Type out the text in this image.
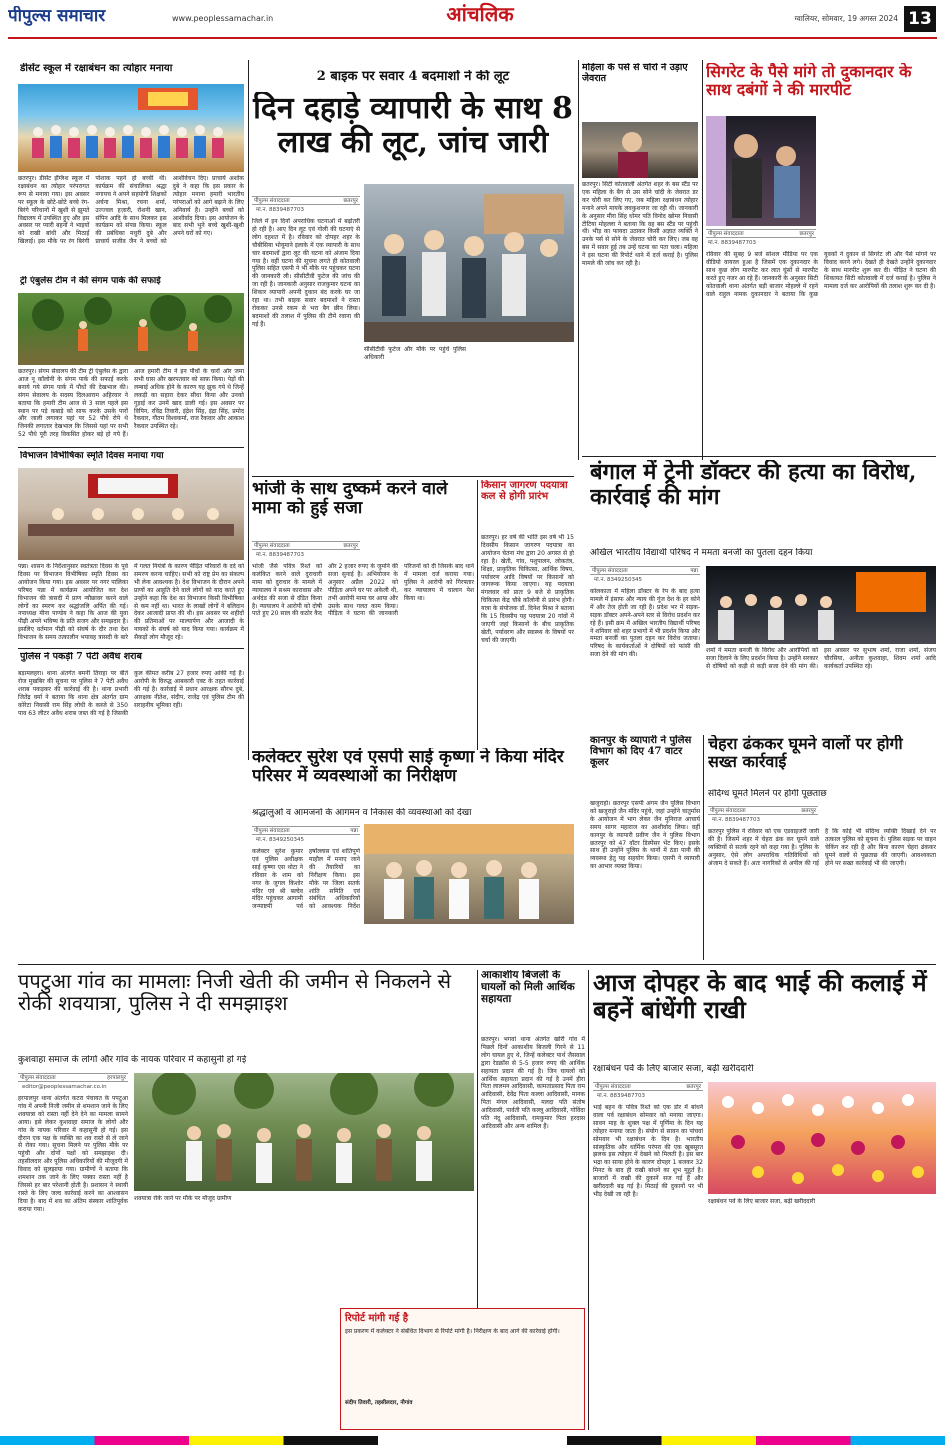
पीपुल्स समाचार	www.peoplessamachar.in	आंचलिक	ग्वालियर, सोमवार, 19 अगस्त 2024 13
डीसेंट स्कूल में रक्षाबंधन का त्योहार मनाया
छतरपुर। डीसेंट इंग्लिश स्कूल में रक्षाबंधन का त्योहार परंपरागत रूप से मनाया गया। इस अवसर पर स्कूल के छोटे-छोटे बच्चे रंग-बिरंगे परिधानों में खुशी से झूमते विद्यालय में उपस्थित हुए और इस अवसर पर प्यारी बहनों ने भाइयों को राखी बांधी और मिठाई खिलाई। इस मौके पर रंग बिरंगी पोशाक पहने हो बच्ची थी। कार्यक्रम की संचालिका श्रद्धा नगायच ने अपने सहयोगी शिक्षकों अर्चना मिश्रा, रचना शर्मा, उज्ज्वल हज़ारी, रोशनी खान, संपिन आदि के साथ मिलकर इस कार्यक्रम को संपन्न किया। स्कूल की प्रबंधिका मधुरी दुबे और प्राचार्य सजीव जैन ने बच्चों को आशीर्वचन दिए। प्राचार्य अशोक दुबे ने कहा कि इस प्रकार के त्योहार मनाना हमारी भारतीय परंपराओं को आगे बढ़ाने के लिए अनिवार्य है। उन्होंने बच्चों को आशीर्वाद दिया। इस आयोजन के बाद सभी भुने बच्चे खुशी-खुशी अपने घरों को गए।
ट्री एंबुलेंस टीम ने की संगम पार्क की सफाई
छतरपुर। संगम सेवालय की टीम ट्री एंबुलेंस के द्वारा आज नू कॉलोनी के संगम पार्क की सफाई करके बनाये गये संगम पार्क में पौधों की देखभाल की। संगम सेवालय के सदस्य दिलआराम अहिरवार ने बताया कि हमारी टीम आज से 3 साल पहले इस स्थान पर पड़े कबाड़े को साफ करके उसके पारों और जाली लगाकर यहां पर 52 पौधे रोपे थे जिनकी लगातार देखभाल कि जिससे यहां पर सभी 52 पौधे पूरी तरह विकसित होकर बड़े हो गये हैं। आज हमारी टीम ने इन पौधों के चारों ओर जमा सभी घास और खरपतवार को साफ़ किया। पेड़ों की लम्बाई अधिक होने के कारण यह झुक गये थे जिन्हें लकड़ी का सहारा देकर सीधा किया और उनको गुड़ाई कर उनमें खाद डाली गई। इस अवसर पर विपिन, रविंद्र तिवारी, इंद्रेश सिंह, इंद्रा सिंह, प्रमोद रैकवार, गौतम विश्वकर्मा, राज रैकवार और आकाश रैकवार उपस्थित रहे।
विभाजन विभीषिका स्मृति दिवस मनाया गया
पन्ना। शासन के निर्देशानुसार स्वतंत्रता दिवस के पूर्व दिवस पर विभाजन विभीषिका स्मृति दिवस का आयोजन किया गया। इस अवसर पर नगर पालिका परिषद पन्ना में कार्यक्रम आयोजित कर देश विभाजन की त्रासदी में प्राण न्यौछावर करने वाले लोगों का स्मरण कर श्रद्धांजलि अर्पित की गई। नपाध्यक्ष मीना पाण्डेय ने कहा कि आज की युवा पीढ़ी अपने भविष्य के प्रति सजग और समझदार है। इसलिए वर्तमान पीढ़ी को संघर्ष के दौर तथा देश विभाजन के समय तत्कालीन भयावह त्रासदी के बारे में गलत नियंत्रों के कारण पीड़ित परिवारों के दर्द को समरण करना चाहिए। सभी को राष्ट्र प्रेम का संकल्प भी लेना आवश्यक है। देश विभाजन के दौरान अपने प्राणों का आहूति देने वाले लोगों को याद करते हुए उन्होंने कहा कि देश का विभाजन किसी विभीषिका से कम नहीं था। भारत के लाखों लोगों ने बलिदान देकर आजादी प्राप्त की थी। इस अवसर पर शहीदों की प्रतिमाओं पर माल्यार्पण और आजादी के नायकों के संघर्ष को याद किया गया। कार्यक्रम में सैकड़ों लोग मौजूद रहे।
पुलिस ने पकड़ी 7 पेटी अवैध शराब
बड़ामलहरा। थाना अंतर्गत बमनी तिराहा पर बीते रोज मुखबिर की सूचना पर पुलिस ने 7 पेटी अवैध शराब पकड़कर की कार्रवाई की है। थाना प्रभारी जितेंद्र वर्मा ने बताया कि थाना क्षेत्र अंतर्गत ग्राम कोरेटा निवासी राम सिंह लोधी के कब्जे से 350 पाव 63 लीटर अवैध शराब जब्त की गई है जिसकी कुल कीमत करीब 27 हजार रुपए आंकी गई है। आरोपी के विरुद्ध आबकारी एक्ट के तहत कार्रवाई की गई है। कार्रवाई में प्रधान आरक्षक सौरभ दुबे, आरक्षक नीतेश, संदीप, राजेंद्र एवं पुलिस टीम की सराहनीय भूमिका रही।
2 बाइक पर सवार 4 बदमाशों ने की लूट
दिन दहाड़े व्यापारी के साथ 8 लाख की लूट, जांच जारी
पीपुल्स संवाददाता	छतरपुर
मो.नं. 8839487703
जिले में इन दिनों अपराधिक घटनाओं में बढ़ोतरी हो रही है। आए दिन लूट एवं गोली की घटनाएं से लोग दहशत में है। रविवार को दोपहर शहर के चौबीसिया भोयूमाने इलाके में एक व्यापारी के साथ चार बदमाशों द्वारा लूट की घटना को अंजाम दिया गया है। वहीं घटना की सूचना लगते ही कोतवाली पुलिस सहित एसपी ने भी मौके पर पहुंचकर घटना की जानकारी ली। सीसीटीवी फुटेज की जांच की जा रही है। जानकारी अनुसार राजकुमार घटना का शिकार व्यापारी अपनी दुकान बंद करके घर जा रहा था। तभी बाइक सवार बदमाशों ने रास्ता रोककर उनसे रकम से भरा बैग छीन लिया। बदमाशों की तलाश में पुलिस की टीमें रवाना की गई हैं।
सीसीटीवी फुटेज और मौके पर पहुंचे पुलिस अधिकारी
भांजी के साथ दुष्कर्म करने वाले मामा को हुई सजा
पीपुल्स संवाददाता	छतरपुर
मो.नं. 8839487703
भांजी जैसे पवित्र रिश्ते को कलंकित करने वाले दुराचारी मामा को दुराचार के मामले में न्यायालय ने सश्रम कारावास और अर्थदंड की सजा से दंडित किया है। न्यायालय ने आरोपी को दोषी पाते हुए 20 साल की कठोर कैद और 2 हजार रुपए के जुर्माने की सजा सुनाई है। अभियोजन के अनुसार अप्रैल 2022 को पीड़िता अपने घर पर अकेली थी, तभी आरोपी मामा घर आया और उसके साथ गलत काम किया। पीड़िता ने घटना की जानकारी परिजनों को दी जिसके बाद थाने में मामला दर्ज कराया गया। पुलिस ने आरोपी को गिरफ्तार कर न्यायालय में चालान पेश किया था।
किसान जागरण पदयात्रा कल से होगी प्रारंभ
छतरपुर। हर वर्ष की भांति इस वर्ष भी 15 दिवसीय किसान जागरण पदयात्रा का आयोजन चेतना मंच द्वारा 20 अगस्त से हो रहा है। खेती, गांव, पशुपालन, लोकतंत्र, शिक्षा, प्राकृतिक चिकित्सा, आर्थिक विषय, पर्यावरण आदि विषयों पर किसानों को जागरूक किया जाएगा। यह पदयात्रा मंगलवार को प्रातः 9 बजे से प्राकृतिक चिकित्सा केंद्र चौबे कॉलोनी से प्रारंभ होगी। यात्रा के संयोजक डॉ. दिनेश मिश्रा ने बताया कि 15 दिवसीय यह पदयात्रा 20 गांवों में जाएगी जहां किसानों के बीच प्राकृतिक खेती, पर्यावरण और स्वास्थ्य के विषयों पर चर्चा की जाएगी।
कलेक्टर सुरेश एवं एसपी साई कृष्णा ने किया मंदिर परिसर में व्यवस्थाओं का निरीक्षण
श्रद्धालुओं व आमजनों के आगमन व निकास की व्यवस्थाओं को देखा
पीपुल्स संवाददाता	पन्ना
मो.नं. 8349250345
कलेक्टर सुरेश कुमार एवं पुलिस अधीक्षक साई कृष्णा एस थोटा ने रविवार के शाम को नगर के जुगल किशोर मंदिर एवं श्री बल्देव मंदिर पहुंचकर आगामी जन्माष्टमी पर्व हर्षोल्लास एवं शांतिपूर्ण माहौल में मनाए जाने की तैयारियों का निरीक्षण किया। इस मौके पर जिला सतर्क शांति समिति एवं संबंधित अधिकारियों को आवश्यक निर्देश
महिला के पर्स से चोरों ने उड़ाए जेवरात
छतरपुर। सिटी कोतवाली अंतर्गत शहर के बस स्टैंड पर एक महिला के बैग से उस सोने चांदी के जेवरात डर कर चोरी कर लिए गए, जब महिला रक्षाबंधन त्योहार मनाने अपने मायके लवकुशनगर जा रही थी। जानकारी के अनुसार मीरा सिंह धोमर पति विनोद खोमर निवासी टीटिया मोहल्ला ने बताया कि वह बस स्टैंड पर पहुंची थी। भीड़ का फायदा उठाकर किसी अज्ञात व्यक्ति ने उनके पर्स से सोने के जेवरात चोरी कर लिए। जब वह बस में सवार हुई तब उन्हें घटना का पता चला। महिला ने इस घटना की रिपोर्ट थाने में दर्ज कराई है। पुलिस मामले की जांच कर रही है।
सिगरेट के पैसे मांगे तो दुकानदार के साथ दबंगों ने की मारपीट
पीपुल्स संवाददाता	छतरपुर
मो.नं. 8839487703
रविवार की सुबह 9 बजे सोशल मीडिया पर एक वीडियो वायरल हुआ है जिसमें एक दुकानदार के साथ कुछ लोग मारपीट कर लात घूंसों से मारपीट करते हुए नजर आ रहे हैं। जानकारी के अनुसार सिटी कोतवाली थाना अंतर्गत बड़ी बाजार मोहल्ले में रहने वाले राहुल नामक दुकानदार ने बताया कि कुछ युवकों ने दुकान से सिगरेट ली और पैसे मांगने पर विवाद करने लगे। देखते ही देखते उन्होंने दुकानदार के साथ मारपीट शुरू कर दी। पीड़ित ने घटना की शिकायत सिटी कोतवाली में दर्ज कराई है। पुलिस ने मामला दर्ज कर आरोपियों की तलाश शुरू कर दी है।
बंगाल में ट्रेनी डॉक्टर की हत्या का विरोध, कार्रवाई की मांग
अखिल भारतीय विद्यार्थी परिषद ने ममता बनर्जी का पुतला दहन किया
पीपुल्स संवाददाता	पन्ना
मो.नं. 8349250345
कोलकाता में महिला डॉक्टर के रेप के बाद हत्या मामले में इंसाफ और न्याय की गूंज देश के हर कोने में और तेज होती जा रही है। प्रदेश भर में सड़क-सड़क डॉक्टर अपने-अपने स्तर से विरोध प्रदर्शन कर रहे हैं। इसी क्रम में अखिल भारतीय विद्यार्थी परिषद ने शनिवार को शहर प्रभागों में भी प्रदर्शन किया और ममता बनर्जी का पुतला दहन कर विरोध जताया। परिषद के कार्यकर्ताओं ने दोषियों को फांसी की सजा देने की मांग की।
शर्मा ने ममता बनर्जी के विरोध और आरोपियों को सजा दिलाने के लिए प्रदर्शन किया है। उन्होंने सरकार से दोषियों को कड़ी से कड़ी सजा देने की मांग की। इस अवसर पर सुभाष शर्मा, राजा शर्मा, संजय चौरसिया, अनीता कुशवाहा, शिवम शर्मा आदि कार्यकर्ता उपस्थित रहे।
कानपुर के व्यापारी ने पुलिस विभाग को दिए 47 वाटर कूलर
खजुराहो। छतरपुर एसपी अगम जैन पुलिस विभाग को खजुराहो जैन मंदिर पहुंचे, जहां उन्होंने चातुर्मास के आयोजन में भाग लेकर जैन मुनिराज आचार्य समय सागर महाराज का आशीर्वाद लिया। वहीं कानपुर के व्यापारी प्रवीण जैन ने पुलिस विभाग छतरपुर को 47 वॉटर डिस्पेंसर भेंट किए। इसके साथ ही उन्होंने पुलिस के थानों में ठंडा पानी की व्यवस्था हेतु यह सहयोग किया। एसपी ने व्यापारी का आभार व्यक्त किया।
चेहरा ढंककर घूमने वालों पर होगी सख्त कार्रवाई
संदिग्ध घूमते मिलने पर होगी पूछताछ
पीपुल्स संवाददाता	छतरपुर
मो.नं. 8839487703
छतरपुर पुलिस ने रविवार को एक एडवाइजरी जारी की है। जिसमें शहर में चेहरा ढंक कर घूमने वाले व्यक्तियों से सतर्क रहने को कहा गया है। पुलिस के अनुसार, ऐसे लोग अपराधिक गतिविधियों को अंजाम दे सकते हैं। अतः नागरिकों से अपील की गई है कि कोई भी संदिग्ध व्यक्ति दिखाई देने पर तत्काल पुलिस को सूचना दें। पुलिस सड़क पर वाहन चेकिंग कर रही है और बिना कारण चेहरा ढंककर घूमने वालों से पूछताछ की जाएगी। आवश्यकता होने पर सख्त कार्रवाई भी की जाएगी।
पपटुआ गांव का मामलाः निजी खेती की जमीन से निकलने से रोकी शवयात्रा, पुलिस ने दी समझाइश
कुशवाहा समाज के लोगों और गांव के नायक परिवार में कहासुनी हो गई
पीपुल्स संवाददाता	हरपालपुर
editor@peoplessamachar.co.in
हरपालपुर थाना अंतर्गत कटरा पंचायत के पपटुआ गांव में अपनी निजी जमीन से शमशान जाने के लिए शवयात्रा को रास्ता नहीं देने देने का मामला सामने आया। इसे लेकर कुशवाहा समाज के लोगों और गांव के नायक परिवार में कहासुनी हो गई। इस दौरान एक पक्ष के व्यक्ति का शव रास्ते से ले जाने से रोका गया। सूचना मिलने पर पुलिस मौके पर पहुंची और दोनों पक्षों को समझाइश दी। तहसीलदार और पुलिस अधिकारियों की मौजूदगी में विवाद को सुलझाया गया। ग्रामीणों ने बताया कि शमशान तक जाने के लिए पक्का रास्ता नहीं है जिससे हर बार परेशानी होती है। प्रशासन ने स्थायी रास्ते के लिए जल्द कार्रवाई करने का आश्वासन दिया है। बाद में शव का अंतिम संस्कार शांतिपूर्वक कराया गया।
शवयात्रा रोके जाने पर मौके पर मौजूद ग्रामीण
आकाशीय बिजली के घायलों को मिली आर्थिक सहायता
छतरपुर। भगवां थाना अंतर्गत खोरी गांव में पिछले दिनों आकाशीय बिजली गिरने से 11 लोग घायल हुए थे, जिन्हें कलेक्टर पार्थ जैसवाल द्वारा रेडक्रॉस से 5-5 हजार रुपए की आर्थिक सहायता प्रदान की गई है। जिन घायलों को आर्थिक सहायता प्रदान की गई है उनमें हीरा पिता लालमन आदिवासी, कामताप्रसाद पिता राम आदिवासी, देवेंद्र पिता कल्ला आदिवासी, मानक पिता मंगल आदिवासी, मलदा पति संतोष आदिवासी, पार्वती पति कल्लू आदिवासी, गोविंदा पति नंदू आदिवासी, रामकुमार पिता हरदास आदिवासी और अन्य शामिल हैं।
रिपोर्ट मांगी गई है
इस प्रकरण में कलेक्टर ने संबंधित विभाग से रिपोर्ट मांगी है। निरीक्षण के बाद आगे की कार्रवाई होगी।
संदीप तिवारी, तहसीलदार, नौगांव
आज दोपहर के बाद भाई की कलाई में बहनें बांधेंगी राखी
रक्षाबंधन पर्व के लिए बाजार सजा, बढ़ी खरीददारी
पीपुल्स संवाददाता	छतरपुर
मो.नं. 8839487703
भाई बहन के पवित्र रिश्ते को एक डोर में बांधने वाला पर्व रक्षाबंधन सोमवार को मनाया जाएगा। सावन माह के शुक्ल पक्ष में पूर्णिमा के दिन यह त्योहार मनाया जाता है। संयोग से सावन का पांचवां सोमवार भी रक्षाबंधन के दिन है। भारतीय सांस्कृतिक और धार्मिक परंपरा की एक खूबसूरत झलक इस त्योहार में देखने को मिलती है। इस बार भद्रा का साया होने के कारण दोपहर 1 बजकर 32 मिनट के बाद ही राखी बांधने का शुभ मुहूर्त है। बाजारों में राखी की दुकानें सज गई हैं और खरीददारी बढ़ गई है। मिठाई की दुकानों पर भी भीड़ देखी जा रही है।
रक्षाबंधन पर्व के लिए बाजार सजा, बढ़ी खरीददारी
